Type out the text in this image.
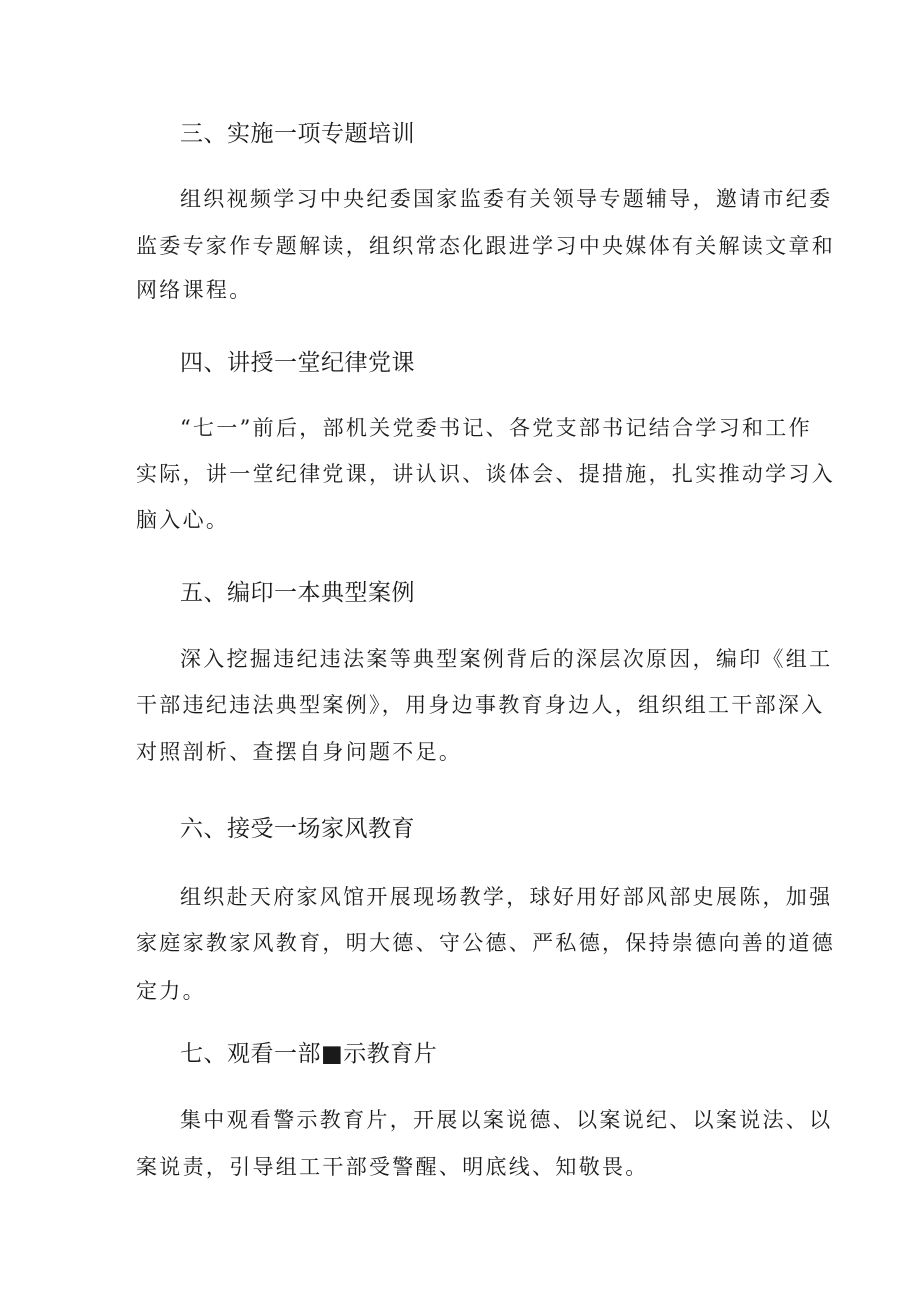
三、实施一项专题培训
组织视频学习中央纪委国家监委有关领导专题辅导，邀请市纪委
监委专家作专题解读，组织常态化跟进学习中央媒体有关解读文章和
网络课程。
四、讲授一堂纪律党课
“七一”前后，部机关党委书记、各党支部书记结合学习和工作
实际，讲一堂纪律党课，讲认识、谈体会、提措施，扎实推动学习入
脑入心。
五、编印一本典型案例
深入挖掘违纪违法案等典型案例背后的深层次原因，编印《组工
干部违纪违法典型案例》，用身边事教育身边人，组织组工干部深入
对照剖析、查摆自身问题不足。
六、接受一场家风教育
组织赴天府家风馆开展现场教学，球好用好部风部史展陈，加强
家庭家教家风教育，明大德、守公德、严私德，保持崇德向善的道德
定力。
七、观看一部■示教育片
集中观看警示教育片，开展以案说德、以案说纪、以案说法、以
案说责，引导组工干部受警醒、明底线、知敬畏。
